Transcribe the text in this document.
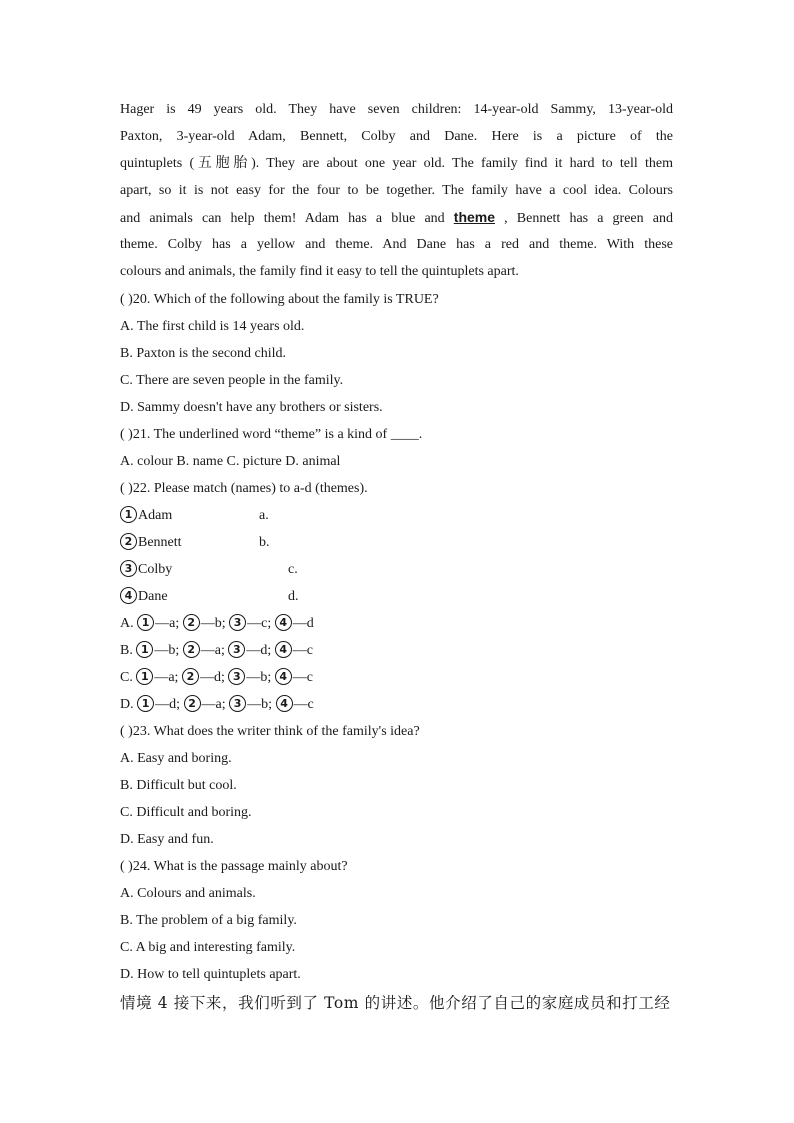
Hager is 49 years old. They have seven children: 14-year-old Sammy, 13-year-old
Paxton, 3-year-old Adam, Bennett, Colby and Dane. Here is a picture of the
quintuplets (五胞胎). They are about one year old. The family find it hard to tell them
apart, so it is not easy for the four to be together. The family have a cool idea. Colours
and animals can help them! Adam has a blue and theme , Bennett has a green and
theme. Colby has a yellow and theme. And Dane has a red and theme. With these
colours and animals, the family find it easy to tell the quintuplets apart.
( )20. Which of the following about the family is TRUE?
A. The first child is 14 years old.
B. Paxton is the second child.
C. There are seven people in the family.
D. Sammy doesn't have any brothers or sisters.
( )21. The underlined word “theme” is a kind of ____.
A. colour B. name C. picture D. animal
( )22. Please match (names) to a-d (themes).
1 Adam	a.
2 Bennett	b.
3 Colby	c.
4 Dane	d.
A. 1 —a; 2 —b; 3 —c; 4 —d
B. 1 —b; 2 —a; 3 —d; 4 —c
C. 1 —a; 2 —d; 3 —b; 4 —c
D. 1 —d; 2 —a; 3 —b; 4 —c
( )23. What does the writer think of the family's idea?
A. Easy and boring.
B. Difficult but cool.
C. Difficult and boring.
D. Easy and fun.
( )24. What is the passage mainly about?
A. Colours and animals.
B. The problem of a big family.
C. A big and interesting family.
D. How to tell quintuplets apart.
情境 4 接下来，我们听到了 Tom 的讲述。他介绍了自己的家庭成员和打工经
